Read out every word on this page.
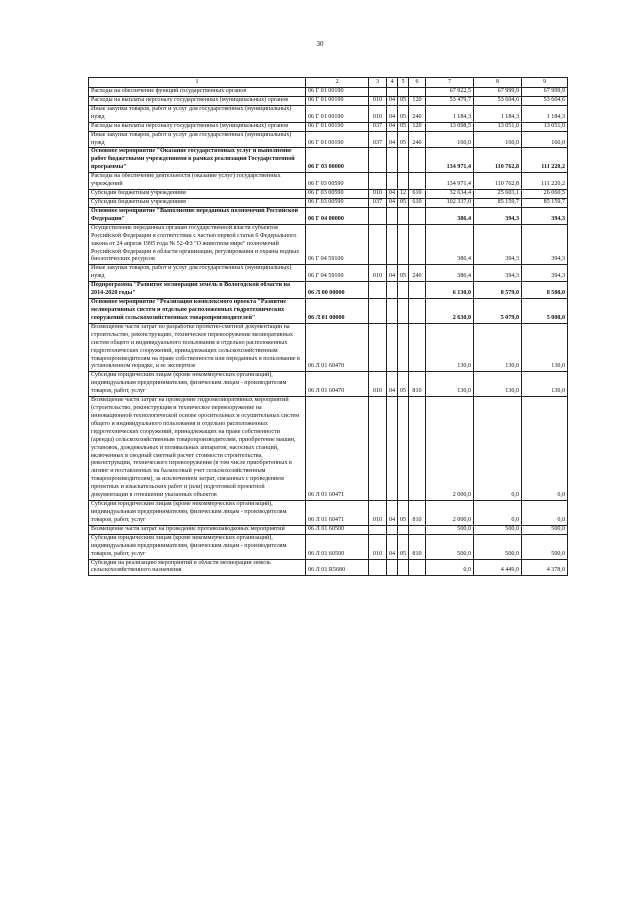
30
1	2	3	4	5	6	7	8	9
Расходы на обеспечение функций государственных органов	06 Г 01 00190					67 922,5	67 999,9	67 999,9
Расходы на выплаты персоналу государственных (муниципальных) органов	06 Г 01 00190	010	04	05	120	53 479,7	53 604,6	53 604,6
Иные закупки товаров, работ и услуг для государственных (муниципальных) нужд	06 Г 01 00190	010	04	05	240	1 184,3	1 184,3	1 184,3
Расходы на выплаты персоналу государственных (муниципальных) органов	06 Г 01 00190	037	04	05	120	13 098,5	13 051,0	13 051,0
Иные закупки товаров, работ и услуг для государственных (муниципальных) нужд	06 Г 01 00190	037	04	05	240	160,0	160,0	160,0
Основное мероприятие "Оказание государственных услуг и выполнение работ бюджетными учреждениями в рамках реализации Государственной программы"	06 Г 03 00000					134 971,4	110 762,8	111 220,2
Расходы на обеспечение деятельности (оказание услуг) государственных учреждений	06 Г 03 00590					134 971,4	110 762,8	111 220,2
Субсидии бюджетным учреждениям	06 Г 03 00590	010	04	12	610	32 634,4	25 603,1	26 060,5
Субсидии бюджетным учреждениям	06 Г 03 00590	037	04	05	610	102 337,0	85 159,7	85 159,7
Основное мероприятие "Выполнение переданных полномочий Российской Федерации"	06 Г 04 00000					386,4	394,3	394,3
Осуществление переданных органам государственной власти субъектов Российской Федерации в соответствии с частью первой статьи 6 Федерального закона от 24 апреля 1995 года № 52-ФЗ "О животном мире" полномочий Российской Федерации в области организации, регулирования и охраны водных биологических ресурсов	06 Г 04 59100					386,4	394,3	394,3
Иные закупки товаров, работ и услуг для государственных (муниципальных) нужд	06 Г 04 59100	010	04	05	240	386,4	394,3	394,3
Подпрограмма "Развитие мелиорации земель в Вологодской области на 2014-2020 годы"	06 Л 00 00000					6 130,0	8 579,0	8 508,0
Основное мероприятие "Реализация комплексного проекта "Развитие мелиоративных систем и отдельно расположенных гидротехнических сооружений сельскохозяйственных товаропроизводителей"	06 Л 01 00000					2 630,0	5 079,0	5 008,0
Возмещение части затрат по разработке проектно-сметной документации на строительство, реконструкцию, техническое перевооружение мелиоративных систем общего и индивидуального пользования и отдельно расположенных гидротехнических сооружений, принадлежащих сельскохозяйственным товаропроизводителям на праве собственности или переданных в пользование в установленном порядке, и ее экспертизе	06 Л 01 60470					130,0	130,0	130,0
Субсидии юридическим лицам (кроме некоммерческих организаций), индивидуальным предпринимателям, физическим лицам - производителям товаров, работ, услуг	06 Л 01 60470	010	04	05	810	130,0	130,0	130,0
Возмещение части затрат на проведение гидромелиоративных мероприятий (строительство, реконструкция и техническое перевооружение на инновационной технологической основе оросительных и осушительных систем общего и индивидуального пользования и отдельно расположенных гидротехнических сооружений, принадлежащих на праве собственности (аренды) сельскохозяйственным товаропроизводителям, приобретение машин, установок, дождевальных и поливальных аппаратов, насосных станций, включенных в сводный сметный расчет стоимости строительства, реконструкции, технического перевооружения (в том числе приобретенных в лизинг и поставленных на балансовый учет сельскохозяйственным товаропроизводителям), за исключением затрат, связанных с проведением проектных и изыскательских работ и (или) подготовкой проектной документации в отношении указанных объектов	06 Л 01 60471					2 000,0	0,0	0,0
Субсидии юридическим лицам (кроме некоммерческих организаций), индивидуальным предпринимателям, физическим лицам - производителям товаров, работ, услуг	06 Л 01 60471	010	04	05	810	2 000,0	0,0	0,0
Возмещение части затрат на проведение противопаводковых мероприятий	06 Л 01 60500					500,0	500,0	500,0
Субсидии юридическим лицам (кроме некоммерческих организаций), индивидуальным предпринимателям, физическим лицам - производителям товаров, работ, услуг	06 Л 01 60500	010	04	05	810	500,0	500,0	500,0
Субсидии на реализацию мероприятий в области мелиорации земель сельскохозяйственного назначения	06 Л 01 R5680					0,0	4 449,0	4 378,0
